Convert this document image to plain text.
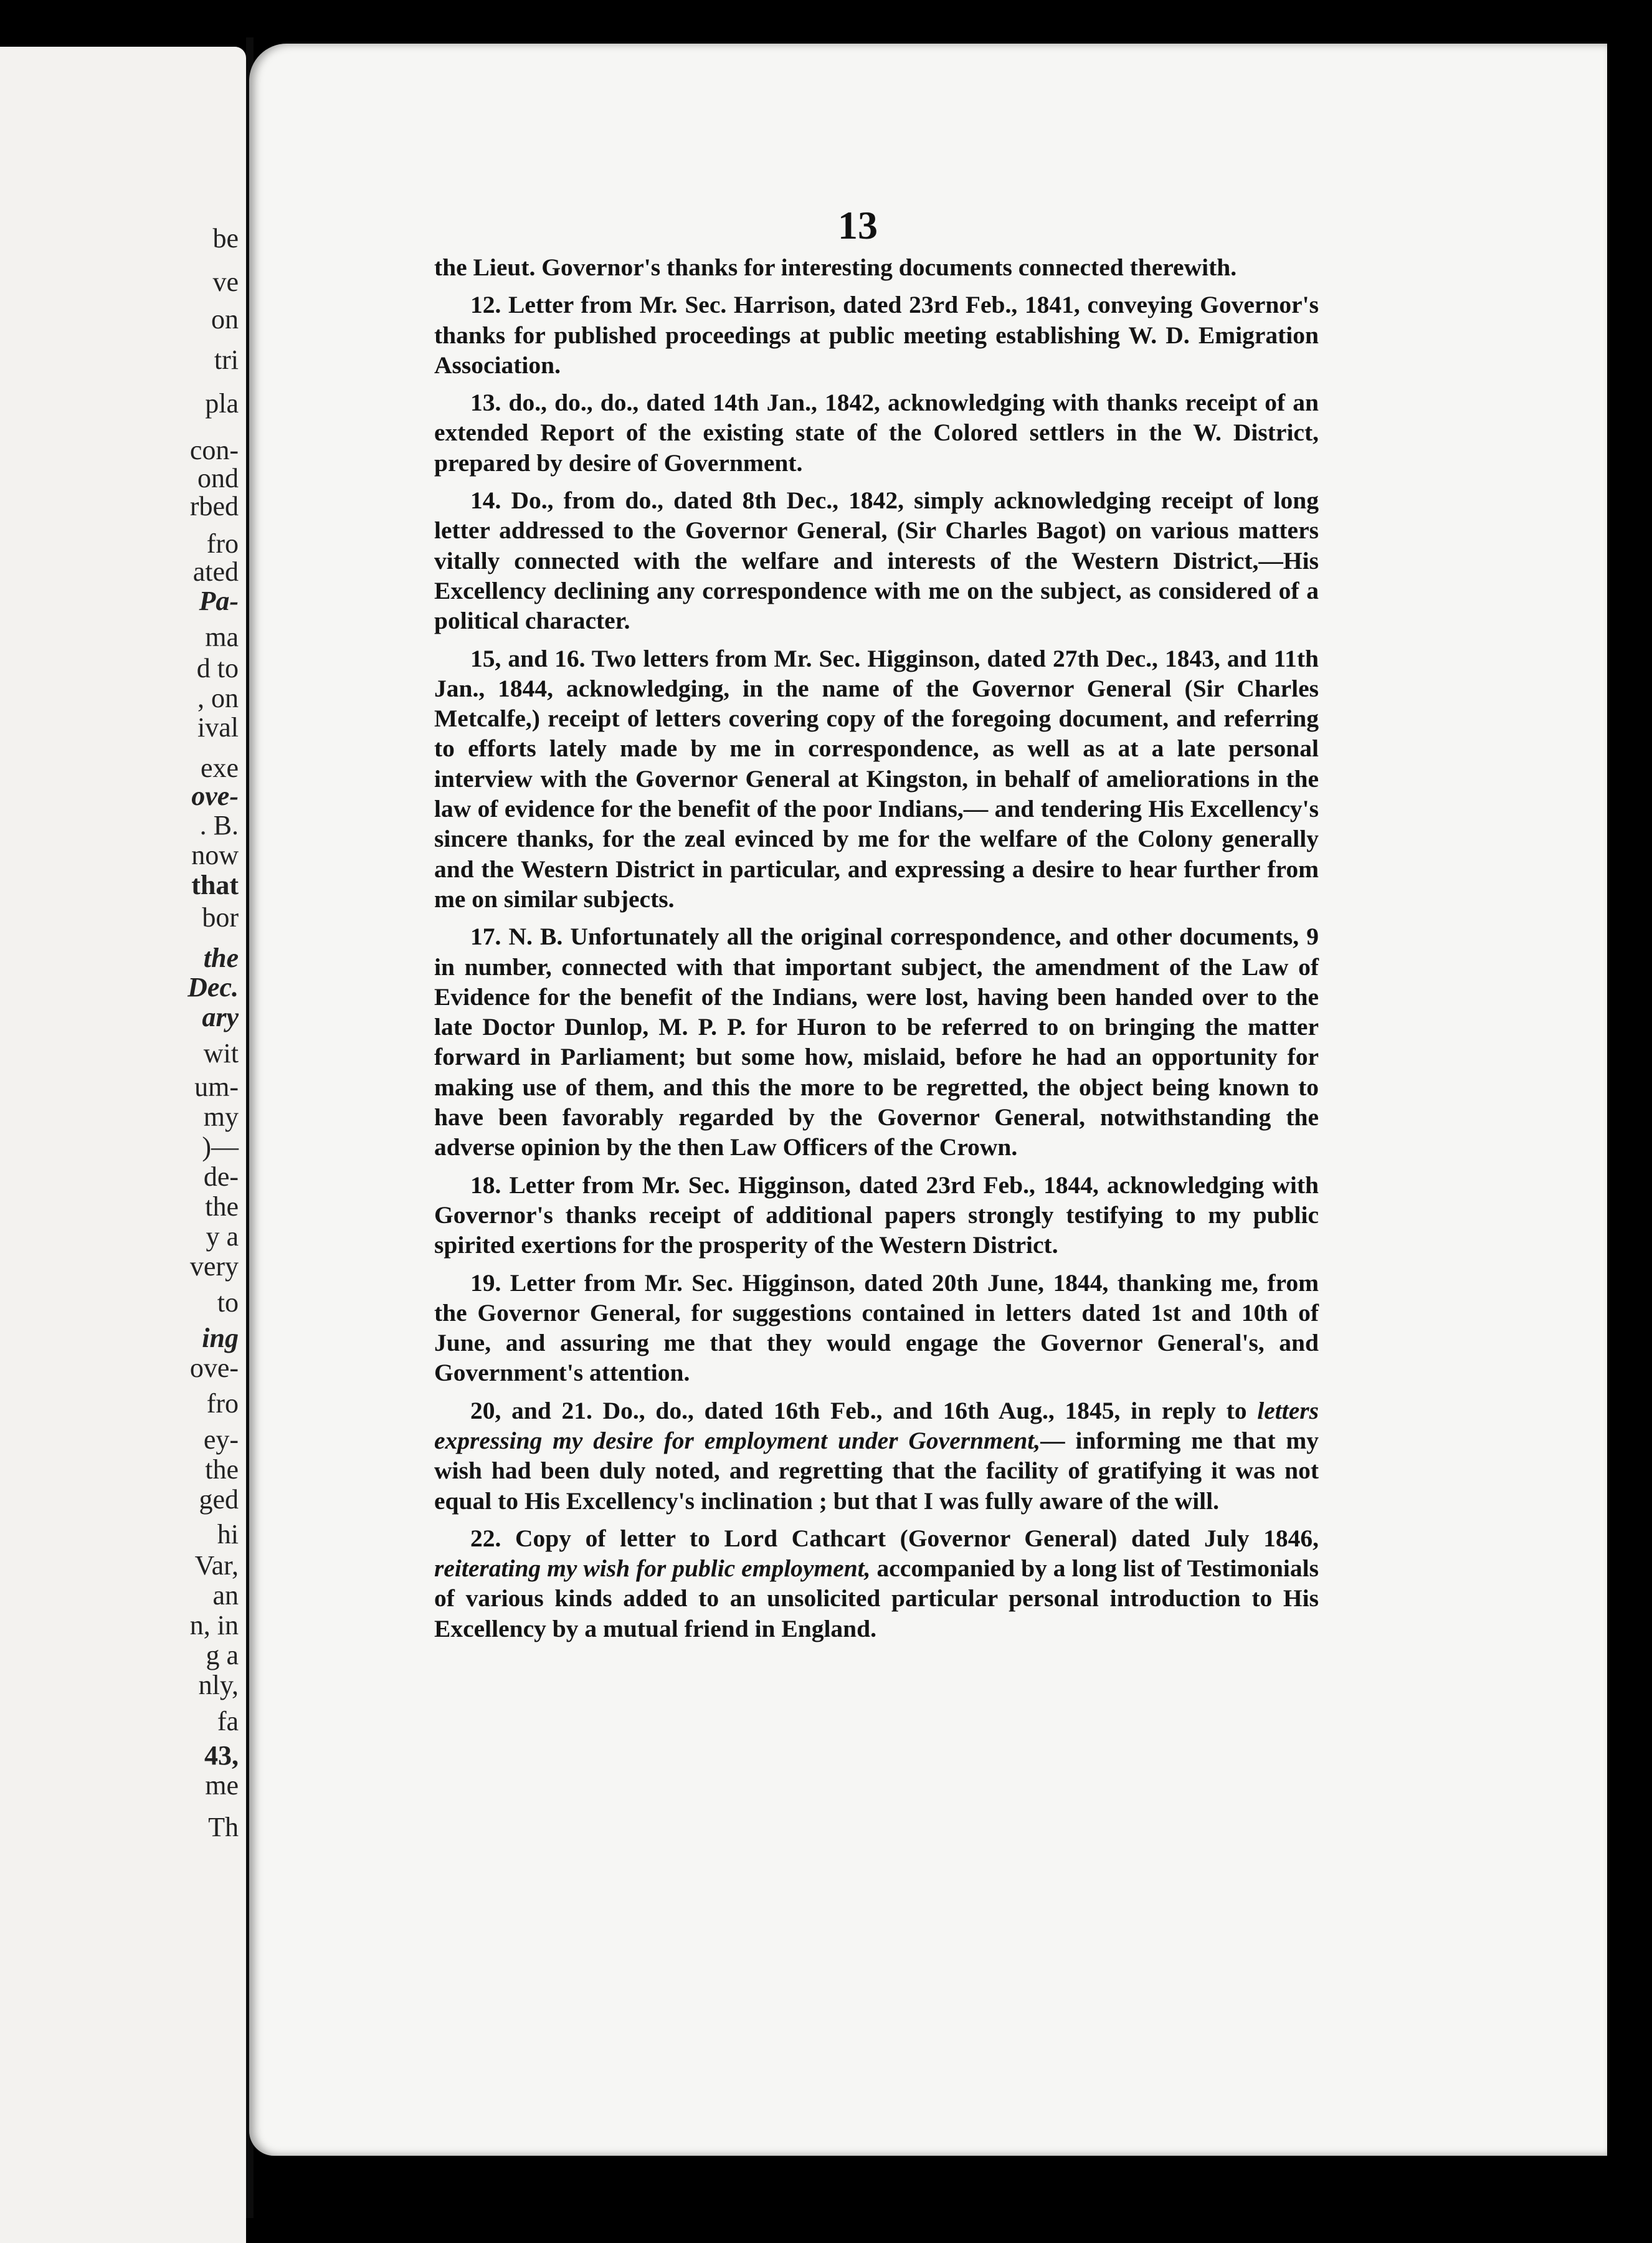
be
ve
on
tri
pla
con-
ond
rbed
fro
ated
Pa-
ma
d to
, on
ival
exe
ove-
. B.
now
that
bor
the
Dec.
ary
wit
um-
my
)—
de-
the
y a
very
to
ing
ove-
fro
ey-
the
ged
hi
Var,
an
n, in
g a
nly,
fa
43,
me
Th
13

the Lieut. Governor's thanks for interesting documents connected therewith.

12. Letter from Mr. Sec. Harrison, dated 23rd Feb., 1841, conveying Governor's thanks for published proceedings at public meeting establishing W. D. Emigration Association.

13. do., do., do., dated 14th Jan., 1842, acknowledging with thanks receipt of an extended Report of the existing state of the Colored settlers in the W. District, prepared by desire of Government.

14. Do., from do., dated 8th Dec., 1842, simply acknowledging receipt of long letter addressed to the Governor General, (Sir Charles Bagot) on various matters vitally connected with the welfare and interests of the Western District,—His Excellency declining any correspondence with me on the subject, as considered of a political character.

15, and 16. Two letters from Mr. Sec. Higginson, dated 27th Dec., 1843, and 11th Jan., 1844, acknowledging, in the name of the Governor General (Sir Charles Metcalfe,) receipt of letters covering copy of the foregoing document, and referring to efforts lately made by me in correspondence, as well as at a late personal interview with the Governor General at Kingston, in behalf of ameliorations in the law of evidence for the benefit of the poor Indians,— and tendering His Excellency's sincere thanks, for the zeal evinced by me for the welfare of the Colony generally and the Western District in particular, and expressing a desire to hear further from me on similar subjects.

17. N. B. Unfortunately all the original correspondence, and other documents, 9 in number, connected with that important subject, the amendment of the Law of Evidence for the benefit of the Indians, were lost, having been handed over to the late Doctor Dunlop, M. P. P. for Huron to be referred to on bringing the matter forward in Parliament; but some how, mislaid, before he had an opportunity for making use of them, and this the more to be regretted, the object being known to have been favorably regarded by the Governor General, notwithstanding the adverse opinion by the then Law Officers of the Crown.

18. Letter from Mr. Sec. Higginson, dated 23rd Feb., 1844, acknowledging with Governor's thanks receipt of additional papers strongly testifying to my public spirited exertions for the prosperity of the Western District.

19. Letter from Mr. Sec. Higginson, dated 20th June, 1844, thanking me, from the Governor General, for suggestions contained in letters dated 1st and 10th of June, and assuring me that they would engage the Governor General's, and Government's attention.

20, and 21. Do., do., dated 16th Feb., and 16th Aug., 1845, in reply to letters expressing my desire for employment under Government,— informing me that my wish had been duly noted, and regretting that the facility of gratifying it was not equal to His Excellency's inclination ; but that I was fully aware of the will.

22. Copy of letter to Lord Cathcart (Governor General) dated July 1846, reiterating my wish for public employment, accompanied by a long list of Testimonials of various kinds added to an unsolicited particular personal introduction to His Excellency by a mutual friend in England.
